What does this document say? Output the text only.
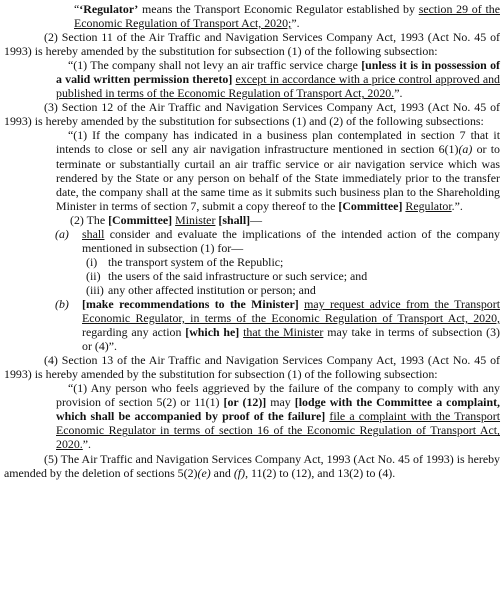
“‘Regulator’ means the Transport Economic Regulator established by section 29 of the Economic Regulation of Transport Act, 2020;”.

(2) Section 11 of the Air Traffic and Navigation Services Company Act, 1993 (Act No. 45 of 1993) is hereby amended by the substitution for subsection (1) of the following subsection:

“(1) The company shall not levy an air traffic service charge [unless it is in possession of a valid written permission thereto] except in accordance with a price control approved and published in terms of the Economic Regulation of Transport Act, 2020.”.

(3) Section 12 of the Air Traffic and Navigation Services Company Act, 1993 (Act No. 45 of 1993) is hereby amended by the substitution for subsections (1) and (2) of the following subsections:

“(1) If the company has indicated in a business plan contemplated in section 7 that it intends to close or sell any air navigation infrastructure mentioned in section 6(1)(a) or to terminate or substantially curtail an air traffic service or air navigation service which was rendered by the State or any person on behalf of the State immediately prior to the transfer date, the company shall at the same time as it submits such business plan to the Shareholding Minister in terms of section 7, submit a copy thereof to the [Committee] Regulator.”.

(2) The [Committee] Minister [shall]—

(a) shall consider and evaluate the implications of the intended action of the company mentioned in subsection (1) for—

(i) the transport system of the Republic;

(ii) the users of the said infrastructure or such service; and

(iii) any other affected institution or person; and

(b) [make recommendations to the Minister] may request advice from the Transport Economic Regulator, in terms of the Economic Regulation of Transport Act, 2020, regarding any action [which he] that the Minister may take in terms of subsection (3) or (4)”.

(4) Section 13 of the Air Traffic and Navigation Services Company Act, 1993 (Act No. 45 of 1993) is hereby amended by the substitution for subsection (1) of the following subsection:

“(1) Any person who feels aggrieved by the failure of the company to comply with any provision of section 5(2) or 11(1) [or (12)] may [lodge with the Committee a complaint, which shall be accompanied by proof of the failure] file a complaint with the Transport Economic Regulator in terms of section 16 of the Economic Regulation of Transport Act, 2020.”.

(5) The Air Traffic and Navigation Services Company Act, 1993 (Act No. 45 of 1993) is hereby amended by the deletion of sections 5(2)(e) and (f), 11(2) to (12), and 13(2) to (4).
